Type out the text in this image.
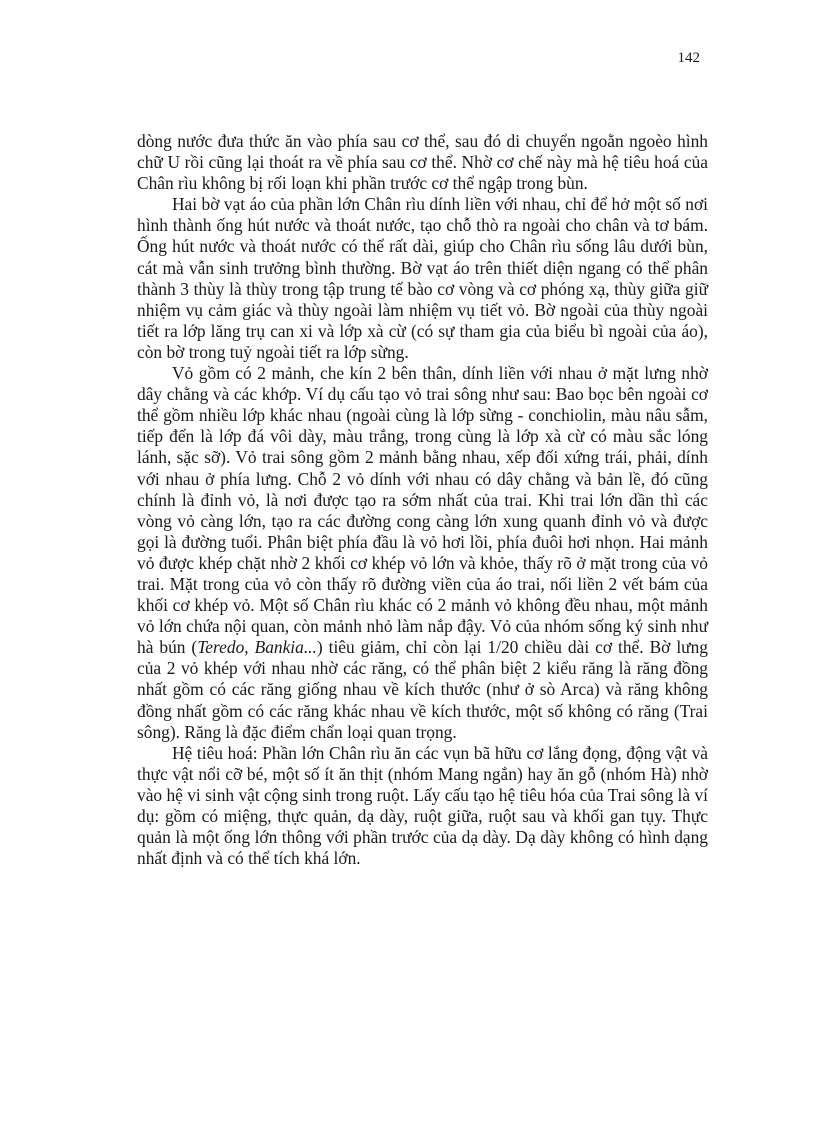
142

dòng nước đưa thức ăn vào phía sau cơ thể, sau đó di chuyển ngoằn ngoèo hình chữ U rồi cũng lại thoát ra về phía sau cơ thể. Nhờ cơ chế này mà hệ tiêu hoá của Chân rìu không bị rối loạn khi phần trước cơ thể ngập trong bùn.

Hai bờ vạt áo của phần lớn Chân rìu dính liền với nhau, chỉ để hở một số nơi hình thành ống hút nước và thoát nước, tạo chỗ thò ra ngoài cho chân và tơ bám. Ống hút nước và thoát nước có thể rất dài, giúp cho Chân rìu sống lâu dưới bùn, cát mà vẫn sinh trưởng bình thường. Bờ vạt áo trên thiết diện ngang có thể phân thành 3 thùy là thùy trong tập trung tế bào cơ vòng và cơ phóng xạ, thùy giữa giữ nhiệm vụ cảm giác và thùy ngoài làm nhiệm vụ tiết vỏ. Bờ ngoài của thùy ngoài tiết ra lớp lăng trụ can xi và lớp xà cừ (có sự tham gia của biểu bì ngoài của áo), còn bờ trong tuỷ ngoài tiết ra lớp sừng.

Vỏ gồm có 2 mảnh, che kín 2 bên thân, dính liền với nhau ở mặt lưng nhờ dây chằng và các khớp. Ví dụ cấu tạo vỏ trai sông như sau: Bao bọc bên ngoài cơ thể gồm nhiều lớp khác nhau (ngoài cùng là lớp sừng - conchiolin, màu nâu sẫm, tiếp đến là lớp đá vôi dày, màu trắng, trong cùng là lớp xà cừ có màu sắc lóng lánh, sặc sỡ). Vỏ trai sông gồm 2 mảnh bằng nhau, xếp đối xứng trái, phải, dính với nhau ở phía lưng. Chỗ 2 vỏ dính với nhau có dây chằng và bản lề, đó cũng chính là đỉnh vỏ, là nơi được tạo ra sớm nhất của trai. Khi trai lớn dần thì các vòng vỏ càng lớn, tạo ra các đường cong càng lớn xung quanh đỉnh vỏ và được gọi là đường tuổi. Phân biệt phía đầu là vỏ hơi lồi, phía đuôi hơi nhọn. Hai mảnh vỏ được khép chặt nhờ 2 khối cơ khép vỏ lớn và khỏe, thấy rõ ở mặt trong của vỏ trai. Mặt trong của vỏ còn thấy rõ đường viền của áo trai, nối liền 2 vết bám của khối cơ khép vỏ. Một số Chân rìu khác có 2 mảnh vỏ không đều nhau, một mảnh vỏ lớn chứa nội quan, còn mảnh nhỏ làm nắp đậy. Vỏ của nhóm sống ký sinh như hà bún (Teredo, Bankia...) tiêu giảm, chỉ còn lại 1/20 chiều dài cơ thể. Bờ lưng của 2 vỏ khép với nhau nhờ các răng, có thể phân biệt 2 kiểu răng là răng đồng nhất gồm có các răng giống nhau về kích thước (như ở sò Arca) và răng không đồng nhất gồm có các răng khác nhau về kích thước, một số không có răng (Trai sông). Răng là đặc điểm chẩn loại quan trọng.

Hệ tiêu hoá: Phần lớn Chân rìu ăn các vụn bã hữu cơ lắng đọng, động vật và thực vật nổi cỡ bé, một số ít ăn thịt (nhóm Mang ngắn) hay ăn gỗ (nhóm Hà) nhờ vào hệ vi sinh vật cộng sinh trong ruột. Lấy cấu tạo hệ tiêu hóa của Trai sông là ví dụ: gồm có miệng, thực quản, dạ dày, ruột giữa, ruột sau và khối gan tụy. Thực quản là một ống lớn thông với phần trước của dạ dày. Dạ dày không có hình dạng nhất định và có thể tích khá lớn.
